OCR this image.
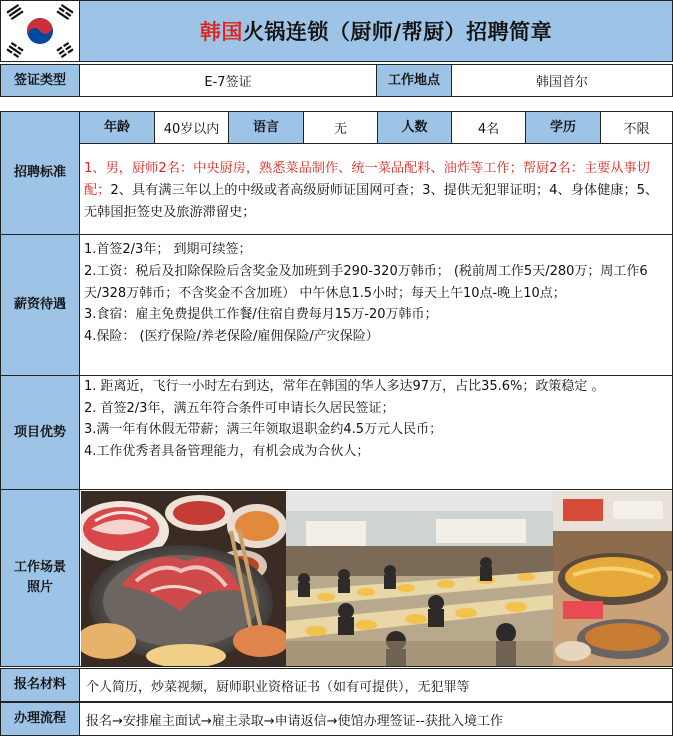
韩国 火锅连锁（厨师/帮厨）招聘简章
签证类型	E-7签证	工作地点	韩国首尔
招聘标准
年龄	40岁以内	语言	无	人数	4名	学历	不限
1、男，厨师2名：中央厨房，熟悉菜品制作、统一菜品配料、油炸等工作；帮厨2名：主要从事切配；2、具有满三年以上的中级或者高级厨师证国网可查；3、提供无犯罪证明；4、身体健康；5、无韩国拒签史及旅游滞留史；
薪资待遇
1.首签2/3年； 到期可续签；
2.工资：税后及扣除保险后含奖金及加班到手290-320万韩币； (税前周工作5天/280万；周工作6天/328万韩币；不含奖金不含加班） 中午休息1.5小时；每天上午10点-晚上10点；
3.食宿：雇主免费提供工作餐/住宿自费每月15万-20万韩币；
4.保险： (医疗保险/养老保险/雇佣保险/产灾保险）
项目优势
1. 距离近，飞行一小时左右到达，常年在韩国的华人多达97万，占比35.6%；政策稳定 。
2. 首签2/3年，满五年符合条件可申请长久居民签证；
3.满一年有休假无带薪；满三年领取退职金约4.5万元人民币；
4.工作优秀者具备管理能力，有机会成为合伙人；
工作场景照片
报名材料	个人简历，炒菜视频，厨师职业资格证书（如有可提供），无犯罪等
办理流程	报名→安排雇主面试→雇主录取→申请返信→使馆办理签证--获批入境工作
